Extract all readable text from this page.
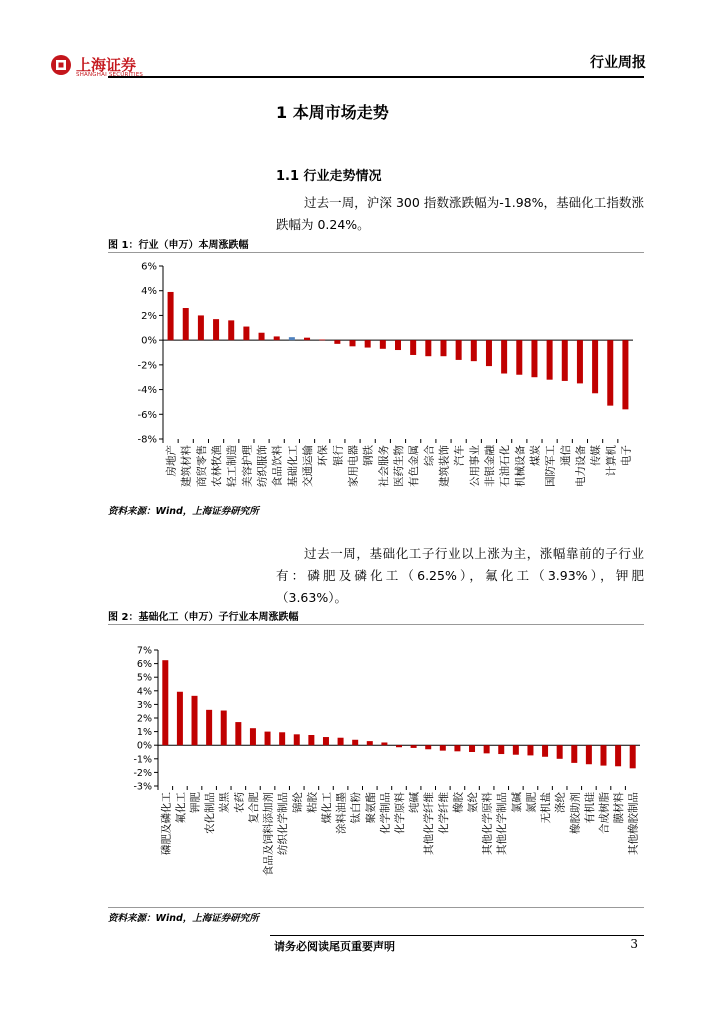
上海证券
SHANGHAI SECURITIES
行业周报
1 本周市场走势
1.1 行业走势情况
过去一周，沪深 300 指数涨跌幅为-1.98%，基础化工指数涨跌幅为 0.24%。
图 1：行业（申万）本周涨跌幅
6%
4%
2%
0%
-2%
-4%
-6%
-8%
房地产 建筑材料 商贸零售 农林牧渔 轻工制造 美容护理 纺织服饰 食品饮料 基础化工 交通运输 环保 银行 家用电器 钢铁 社会服务 医药生物 有色金属 综合 建筑装饰 汽车 公用事业 非银金融 石油石化 机械设备 煤炭 国防军工 通信 电力设备 传媒 计算机 电子
资料来源：Wind，上海证券研究所
过去一周，基础化工子行业以上涨为主，涨幅靠前的子行业有：磷肥及磷化工（6.25%），氟化工（3.93%），钾肥（3.63%）。
图 2：基础化工（申万）子行业本周涨跌幅
7%
6%
5%
4%
3%
2%
1%
0%
-1%
-2%
-3%
磷肥及磷化工 氟化工 钾肥 农化制品 炭黑 农药 复合肥 食品及饲料添加剂 纺织化学制品 锦纶 粘胶 煤化工 涂料油墨 钛白粉 聚氨酯 化学制品 化学原料 纯碱 其他化学纤维 化学纤维 橡胶 氨纶 其他化学原料 其他化学制品 氯碱 氮肥 无机盐 涤纶 橡胶助剂 有机硅 合成树脂 膜材料 其他橡胶制品
资料来源：Wind，上海证券研究所
请务必阅读尾页重要声明	3
